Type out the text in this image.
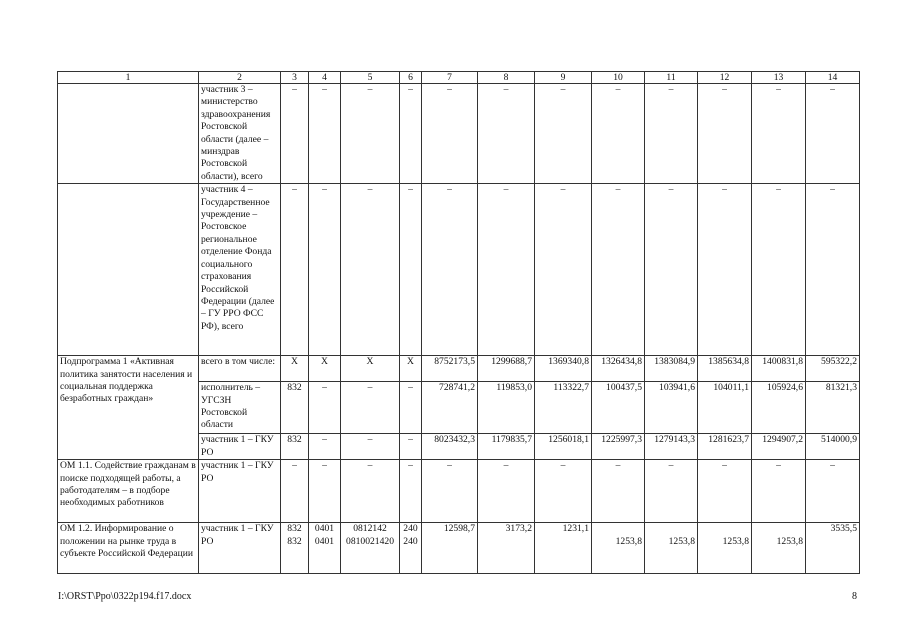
1	2	3	4	5	6	7	8	9	10	11	12	13	14
	участник 3 – министерство здравоохранения Ростовской области (далее – минздрав Ростовской области), всего	–	–	–	–	–	–	–	–	–	–	–	–
	участник 4 – Государственное учреждение – Ростовское региональное отделение Фонда социального страхования Российской Федерации (далее – ГУ РРО ФСС РФ), всего	–	–	–	–	–	–	–	–	–	–	–	–
Подпрограмма 1 «Активная политика занятости населения и социальная поддержка безработных граждан»	всего в том числе:	X	X	X	X	8752173,5	1299688,7	1369340,8	1326434,8	1383084,9	1385634,8	1400831,8	595322,2
	исполнитель – УГСЗН Ростовской области	832	–	–	–	728741,2	119853,0	113322,7	100437,5	103941,6	104011,1	105924,6	81321,3
	участник 1 – ГКУ РО	832	–	–	–	8023432,3	1179835,7	1256018,1	1225997,3	1279143,3	1281623,7	1294907,2	514000,9
ОМ 1.1. Содействие гражданам в поиске подходящей работы, а работодателям – в подборе необходимых работников	участник 1 – ГКУ РО	–	–	–	–	–	–	–	–	–	–	–	–
ОМ 1.2. Информирование о положении на рынке труда в субъекте Российской Федерации	участник 1 – ГКУ РО	832 832	0401 0401	0812142 0810021420	240 240	12598,7	3173,2	1231,1	1253,8	1253,8	1253,8	1253,8	3535,5
I:\ORST\Ppo\0322p194.f17.docx	8
